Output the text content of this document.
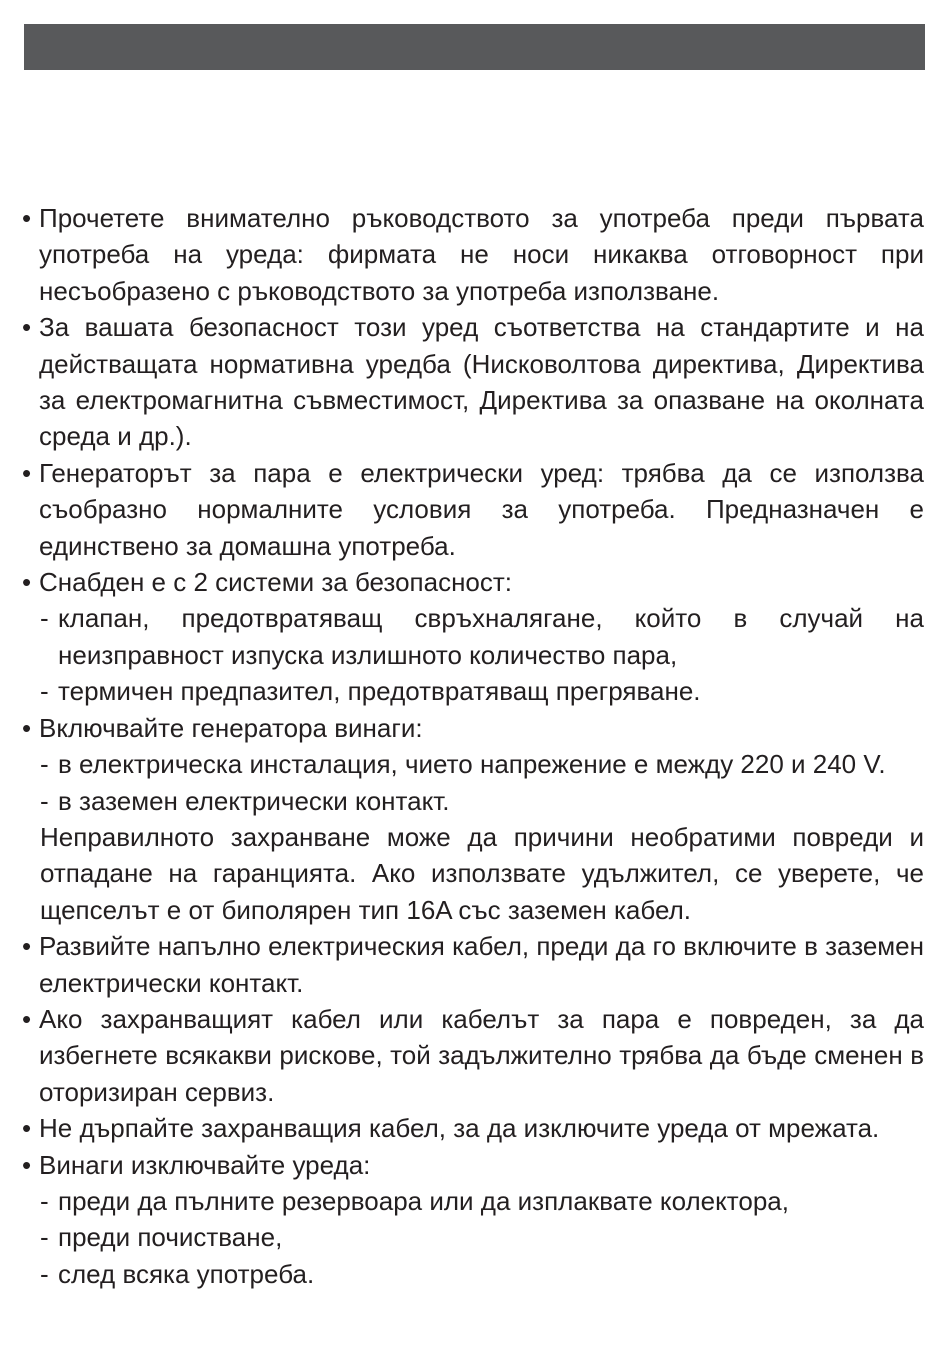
• Прочетете внимателно ръководството за употреба преди първата употреба на уреда: фирмата не носи никаква отговорност при несъобразено с ръководството за употреба използване.
• За вашата безопасност този уред съответства на стандартите и на действащата нормативна уредба (Нисковолтова директива, Директива за електромагнитна съвместимост, Директива за опазване на околната среда и др.).
• Генераторът за пара е електрически уред: трябва да се използва съобразно нормалните условия за употреба. Предназначен е единствено за домашна употреба.
• Снабден е с 2 системи за безопасност:
- клапан, предотвратяващ свръхналягане, който в случай на неизправност изпуска излишното количество пара,
- термичен предпазител, предотвратяващ прегряване.
• Включвайте генератора винаги:
- в електрическа инсталация, чието напрежение е между 220 и 240 V.
- в заземен електрически контакт.
Неправилното захранване може да причини необратими повреди и отпадане на гаранцията. Ако използвате удължител, се уверете, че щепселът е от биполярен тип 16A със заземен кабел.
• Развийте напълно електрическия кабел, преди да го включите в заземен електрически контакт.
• Ако захранващият кабел или кабелът за пара е повреден, за да избегнете всякакви рискове, той задължително трябва да бъде сменен в оторизиран сервиз.
• Не дърпайте захранващия кабел, за да изключите уреда от мрежата.
• Винаги изключвайте уреда:
- преди да пълните резервоара или да изплаквате колектора,
- преди почистване,
- след всяка употреба.
